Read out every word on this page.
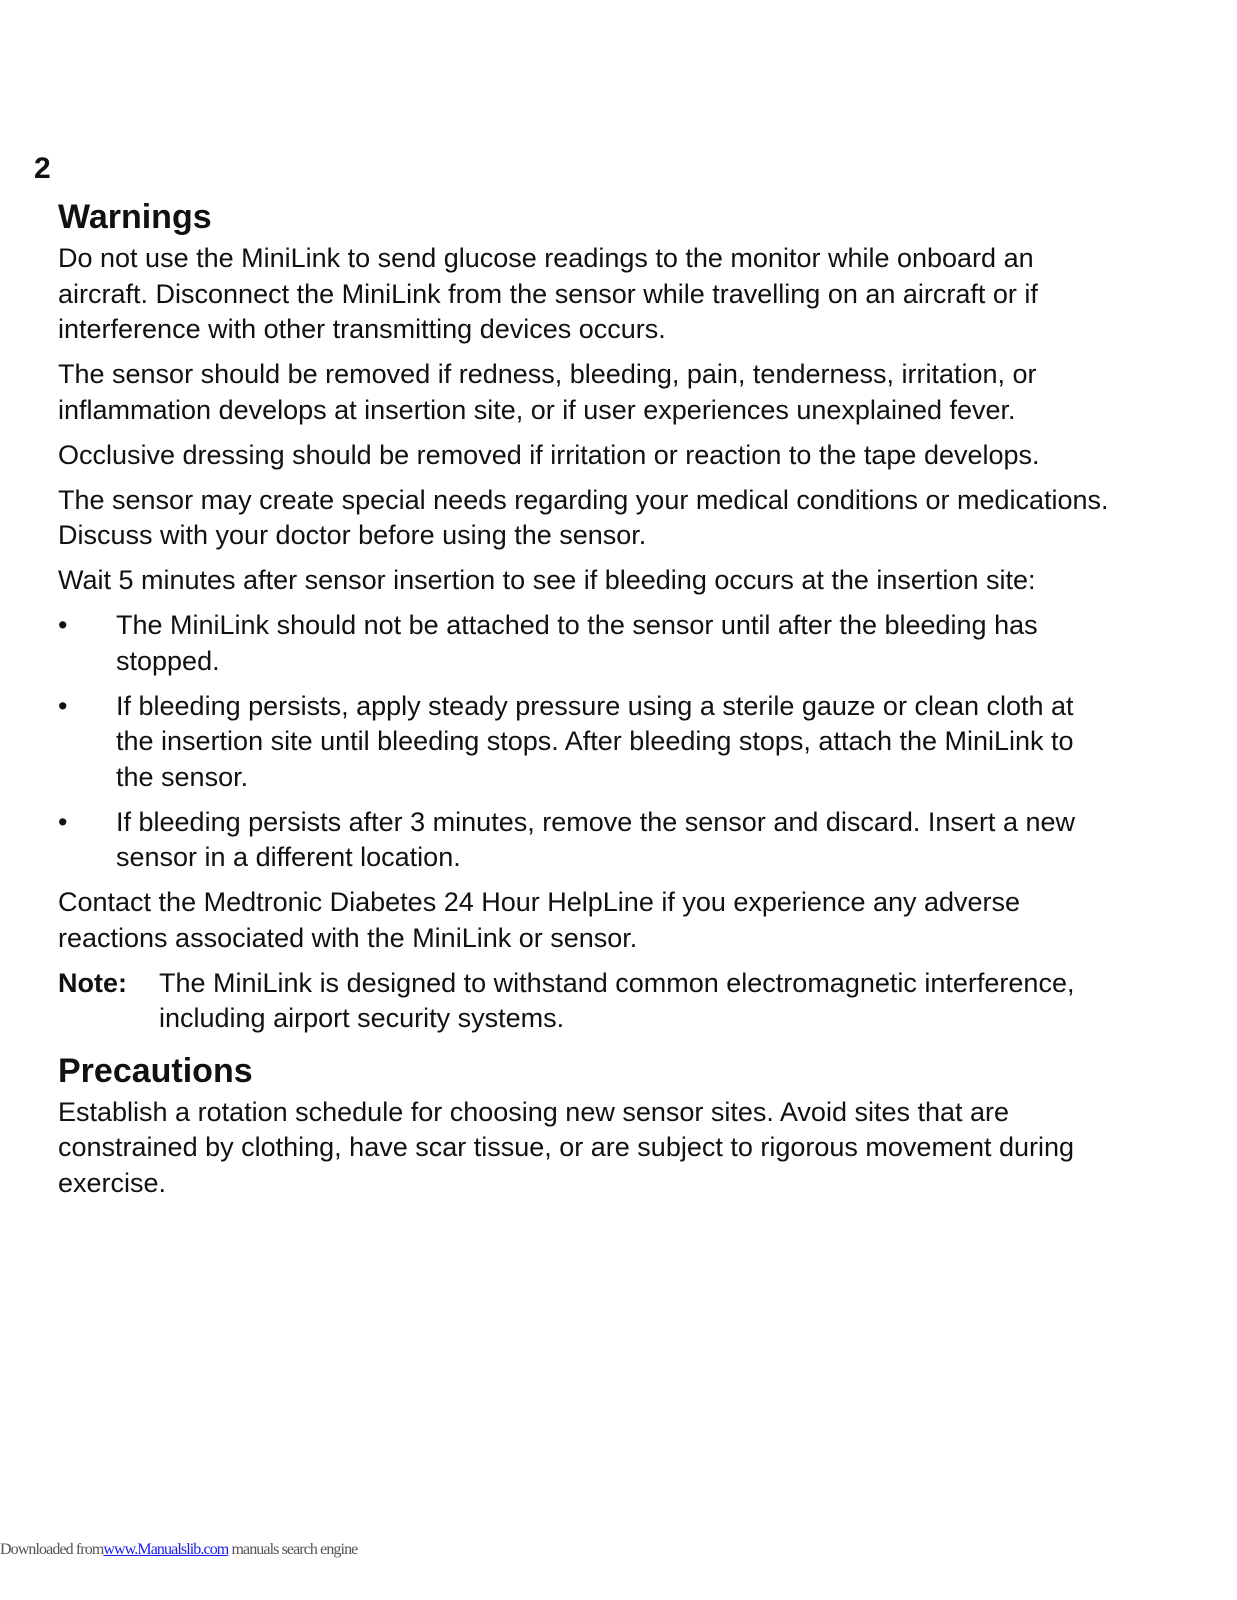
2
Warnings

Do not use the MiniLink to send glucose readings to the monitor while onboard an aircraft. Disconnect the MiniLink from the sensor while travelling on an aircraft or if interference with other transmitting devices occurs.

The sensor should be removed if redness, bleeding, pain, tenderness, irritation, or inflammation develops at insertion site, or if user experiences unexplained fever.

Occlusive dressing should be removed if irritation or reaction to the tape develops.

The sensor may create special needs regarding your medical conditions or medications. Discuss with your doctor before using the sensor.

Wait 5 minutes after sensor insertion to see if bleeding occurs at the insertion site:

• The MiniLink should not be attached to the sensor until after the bleeding has stopped.
• If bleeding persists, apply steady pressure using a sterile gauze or clean cloth at the insertion site until bleeding stops. After bleeding stops, attach the MiniLink to the sensor.
• If bleeding persists after 3 minutes, remove the sensor and discard. Insert a new sensor in a different location.

Contact the Medtronic Diabetes 24 Hour HelpLine if you experience any adverse reactions associated with the MiniLink or sensor.

Note: The MiniLink is designed to withstand common electromagnetic interference, including airport security systems.
Precautions

Establish a rotation schedule for choosing new sensor sites. Avoid sites that are constrained by clothing, have scar tissue, or are subject to rigorous movement during exercise.

Downloaded fromwww.Manualslib.com manuals search engine
